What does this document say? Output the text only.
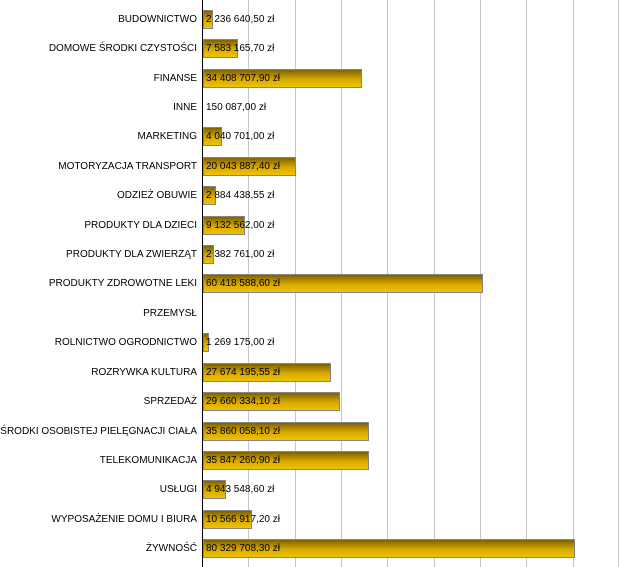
BUDOWNICTWO 2 236 640,50 zł
DOMOWE ŚRODKI CZYSTOŚCI 7 583 165,70 zł
FINANSE 34 408 707,90 zł
INNE 150 087,00 zł
MARKETING 4 040 701,00 zł
MOTORYZACJA TRANSPORT 20 043 887,40 zł
ODZIEŻ OBUWIE 2 884 438,55 zł
PRODUKTY DLA DZIECI 9 132 562,00 zł
PRODUKTY DLA ZWIERZĄT 2 382 761,00 zł
PRODUKTY ZDROWOTNE LEKI 60 418 588,60 zł
PRZEMYSŁ
ROLNICTWO OGRODNICTWO 1 269 175,00 zł
ROZRYWKA KULTURA 27 674 195,55 zł
SPRZEDAŻ 29 660 334,10 zł
ŚRODKI OSOBISTEJ PIELĘGNACJI CIAŁA 35 860 058,10 zł
TELEKOMUNIKACJA 35 847 260,90 zł
USŁUGI 4 943 548,60 zł
WYPOSAŻENIE DOMU I BIURA 10 566 917,20 zł
ŻYWNOŚĆ 80 329 708,30 zł
